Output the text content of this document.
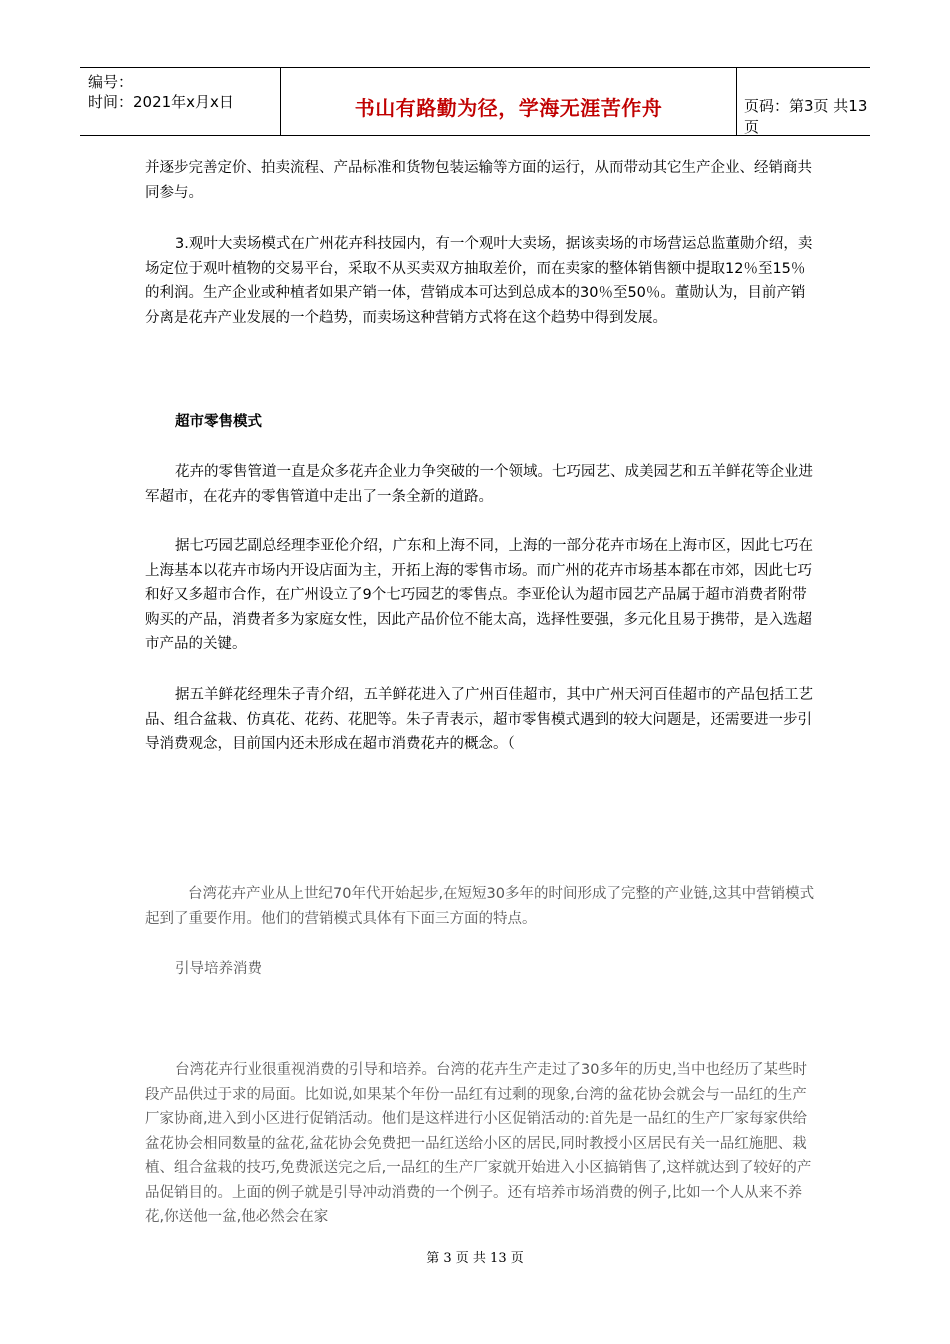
编号：
时间：2021年x月x日	书山有路勤为径，学海无涯苦作舟	页码：第3页 共13页

并逐步完善定价、拍卖流程、产品标准和货物包装运输等方面的运行，从而带动其它生产企业、经销商共同参与。

3.观叶大卖场模式在广州花卉科技园内，有一个观叶大卖场，据该卖场的市场营运总监董勋介绍，卖场定位于观叶植物的交易平台，采取不从买卖双方抽取差价，而在卖家的整体销售额中提取12％至15％的利润。生产企业或种植者如果产销一体，营销成本可达到总成本的30％至50％。董勋认为，目前产销分离是花卉产业发展的一个趋势，而卖场这种营销方式将在这个趋势中得到发展。

超市零售模式

花卉的零售管道一直是众多花卉企业力争突破的一个领域。七巧园艺、成美园艺和五羊鲜花等企业进军超市，在花卉的零售管道中走出了一条全新的道路。

据七巧园艺副总经理李亚伦介绍，广东和上海不同，上海的一部分花卉市场在上海市区，因此七巧在上海基本以花卉市场内开设店面为主，开拓上海的零售市场。而广州的花卉市场基本都在市郊，因此七巧和好又多超市合作，在广州设立了9个七巧园艺的零售点。李亚伦认为超市园艺产品属于超市消费者附带购买的产品，消费者多为家庭女性，因此产品价位不能太高，选择性要强，多元化且易于携带，是入选超市产品的关键。

据五羊鲜花经理朱子青介绍，五羊鲜花进入了广州百佳超市，其中广州天河百佳超市的产品包括工艺品、组合盆栽、仿真花、花药、花肥等。朱子青表示，超市零售模式遇到的较大问题是，还需要进一步引导消费观念，目前国内还未形成在超市消费花卉的概念。（

台湾花卉产业从上世纪70年代开始起步,在短短30多年的时间形成了完整的产业链,这其中营销模式起到了重要作用。他们的营销模式具体有下面三方面的特点。

引导培养消费

台湾花卉行业很重视消费的引导和培养。台湾的花卉生产走过了30多年的历史,当中也经历了某些时段产品供过于求的局面。比如说,如果某个年份一品红有过剩的现象,台湾的盆花协会就会与一品红的生产厂家协商,进入到小区进行促销活动。他们是这样进行小区促销活动的:首先是一品红的生产厂家每家供给盆花协会相同数量的盆花,盆花协会免费把一品红送给小区的居民,同时教授小区居民有关一品红施肥、栽植、组合盆栽的技巧,免费派送完之后,一品红的生产厂家就开始进入小区搞销售了,这样就达到了较好的产品促销目的。上面的例子就是引导冲动消费的一个例子。还有培养市场消费的例子,比如一个人从来不养花,你送他一盆,他必然会在家

第 3 页 共 13 页
